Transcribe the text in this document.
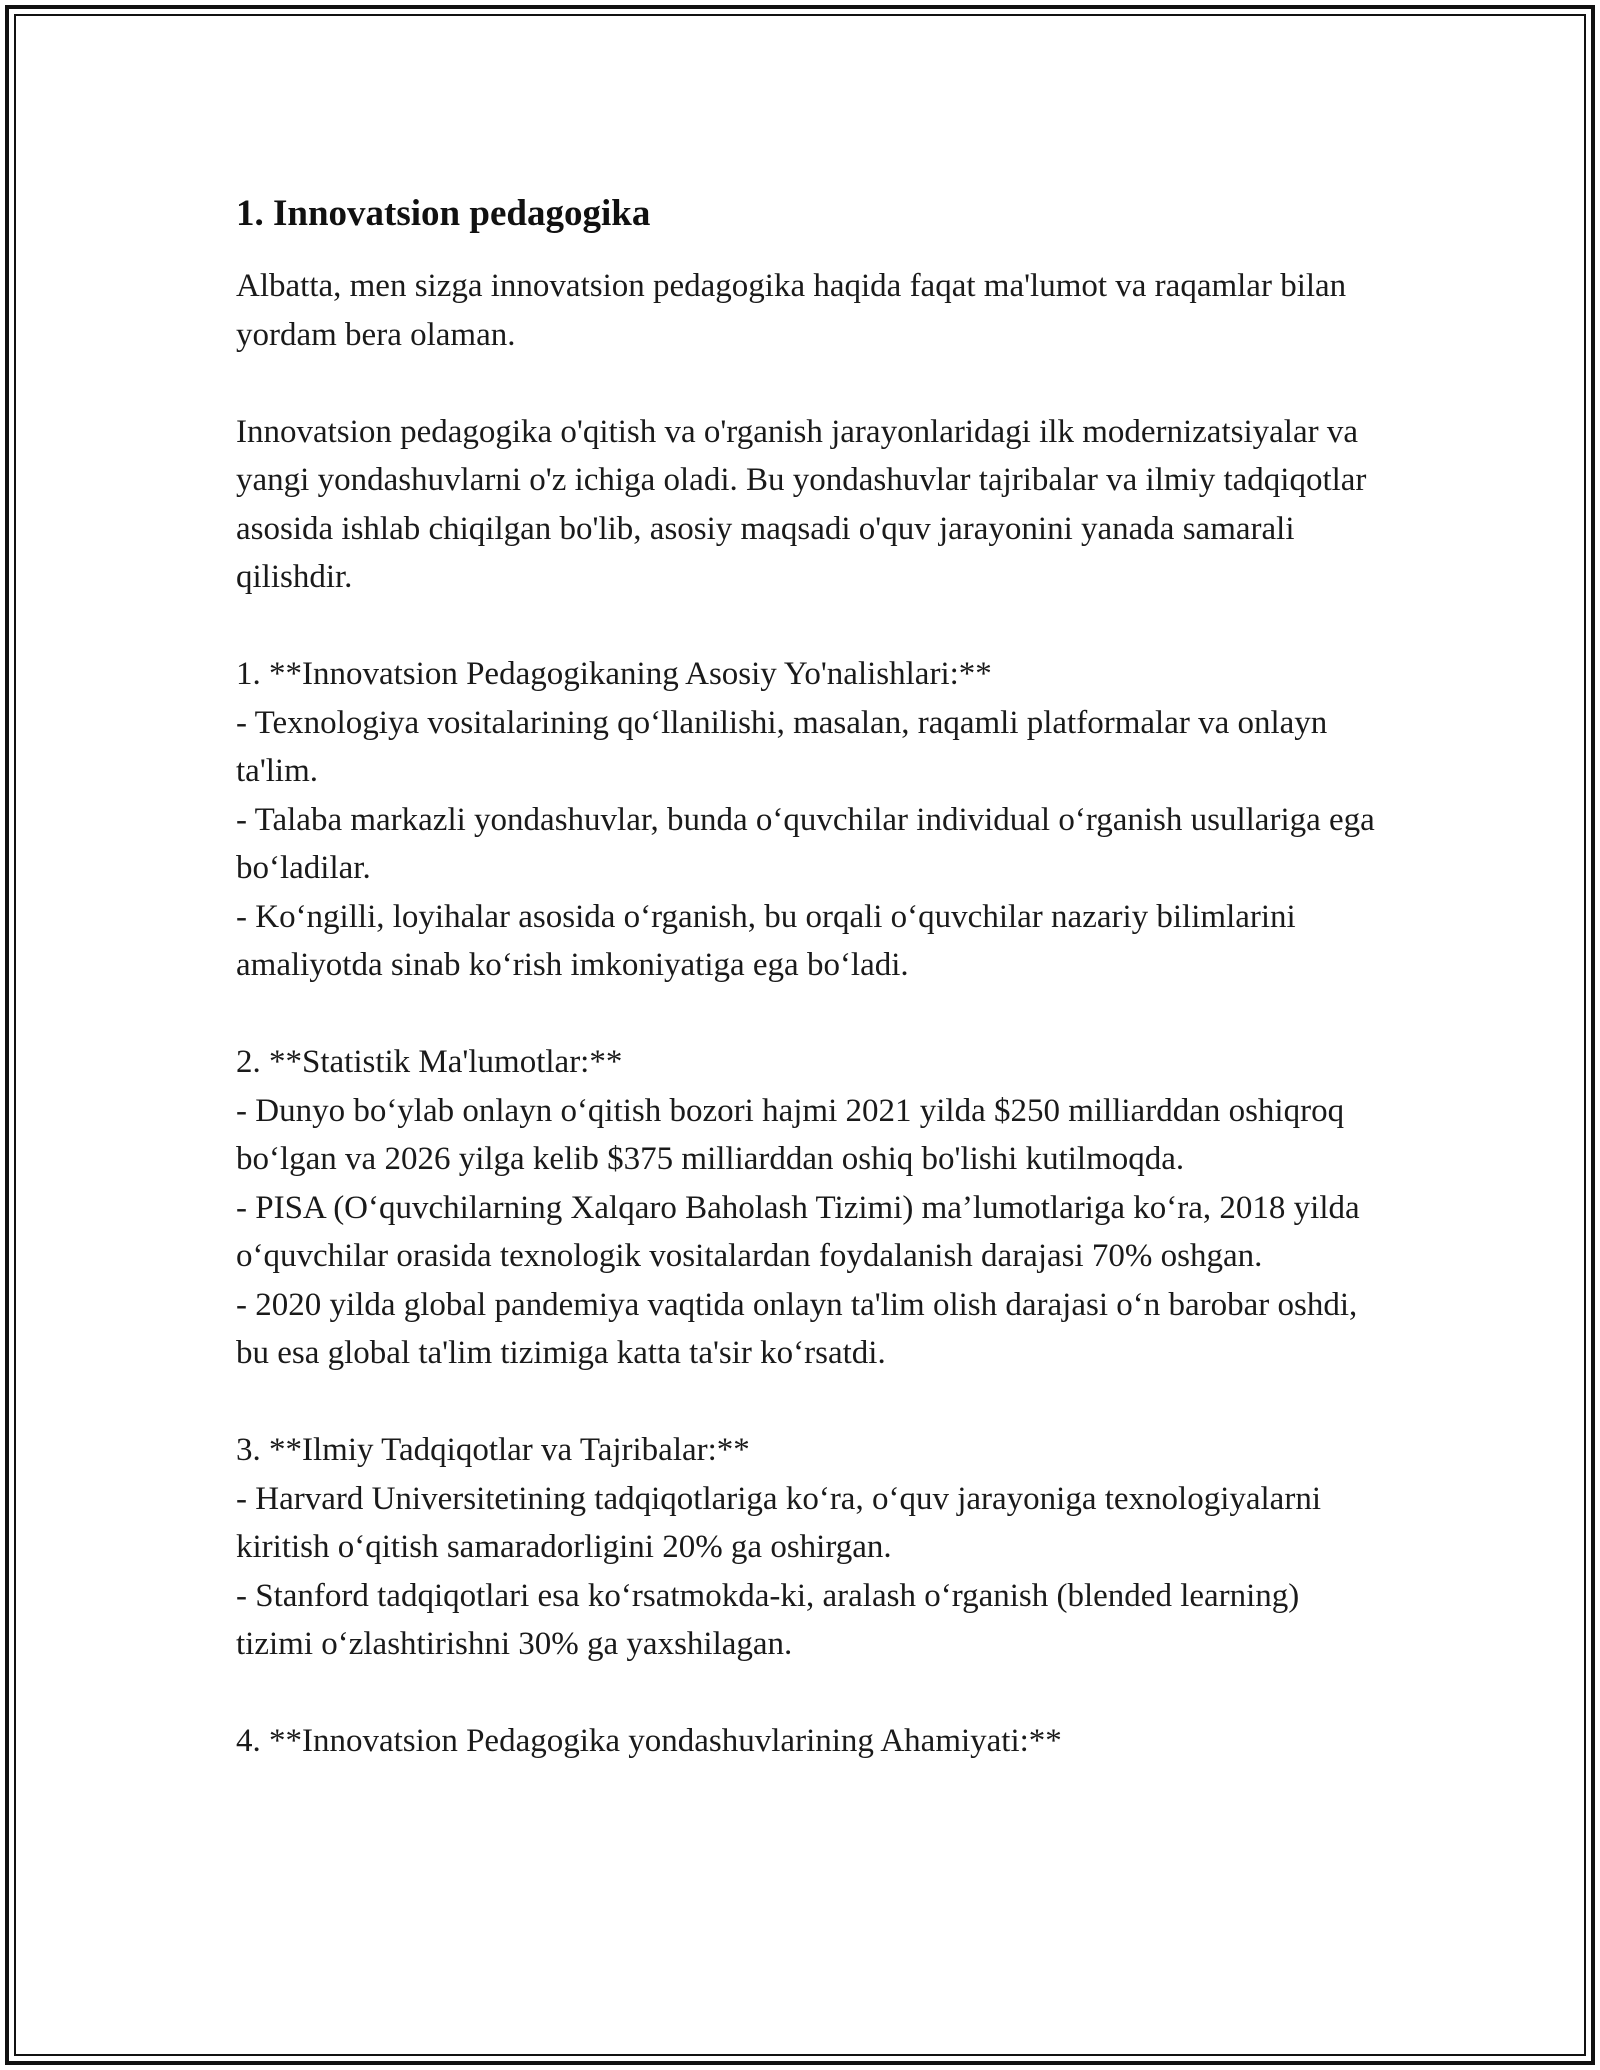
1. Innovatsion pedagogika

Albatta, men sizga innovatsion pedagogika haqida faqat ma'lumot va raqamlar bilan yordam bera olaman.

Innovatsion pedagogika o'qitish va o'rganish jarayonlaridagi ilk modernizatsiyalar va yangi yondashuvlarni o'z ichiga oladi. Bu yondashuvlar tajribalar va ilmiy tadqiqotlar asosida ishlab chiqilgan bo'lib, asosiy maqsadi o'quv jarayonini yanada samarali qilishdir.

1. **Innovatsion Pedagogikaning Asosiy Yo'nalishlari:**
- Texnologiya vositalarining qo‘llanilishi, masalan, raqamli platformalar va onlayn ta'lim.
- Talaba markazli yondashuvlar, bunda o‘quvchilar individual o‘rganish usullariga ega bo‘ladilar.
- Ko‘ngilli, loyihalar asosida o‘rganish, bu orqali o‘quvchilar nazariy bilimlarini amaliyotda sinab ko‘rish imkoniyatiga ega bo‘ladi.

2. **Statistik Ma'lumotlar:**
- Dunyo bo‘ylab onlayn o‘qitish bozori hajmi 2021 yilda $250 milliarddan oshiqroq bo‘lgan va 2026 yilga kelib $375 milliarddan oshiq bo'lishi kutilmoqda.
- PISA (O‘quvchilarning Xalqaro Baholash Tizimi) ma’lumotlariga ko‘ra, 2018 yilda o‘quvchilar orasida texnologik vositalardan foydalanish darajasi 70% oshgan.
- 2020 yilda global pandemiya vaqtida onlayn ta'lim olish darajasi o‘n barobar oshdi, bu esa global ta'lim tizimiga katta ta'sir ko‘rsatdi.

3. **Ilmiy Tadqiqotlar va Tajribalar:**
- Harvard Universitetining tadqiqotlariga ko‘ra, o‘quv jarayoniga texnologiyalarni kiritish o‘qitish samaradorligini 20% ga oshirgan.
- Stanford tadqiqotlari esa ko‘rsatmokda-ki, aralash o‘rganish (blended learning) tizimi o‘zlashtirishni 30% ga yaxshilagan.

4. **Innovatsion Pedagogika yondashuvlarining Ahamiyati:**
